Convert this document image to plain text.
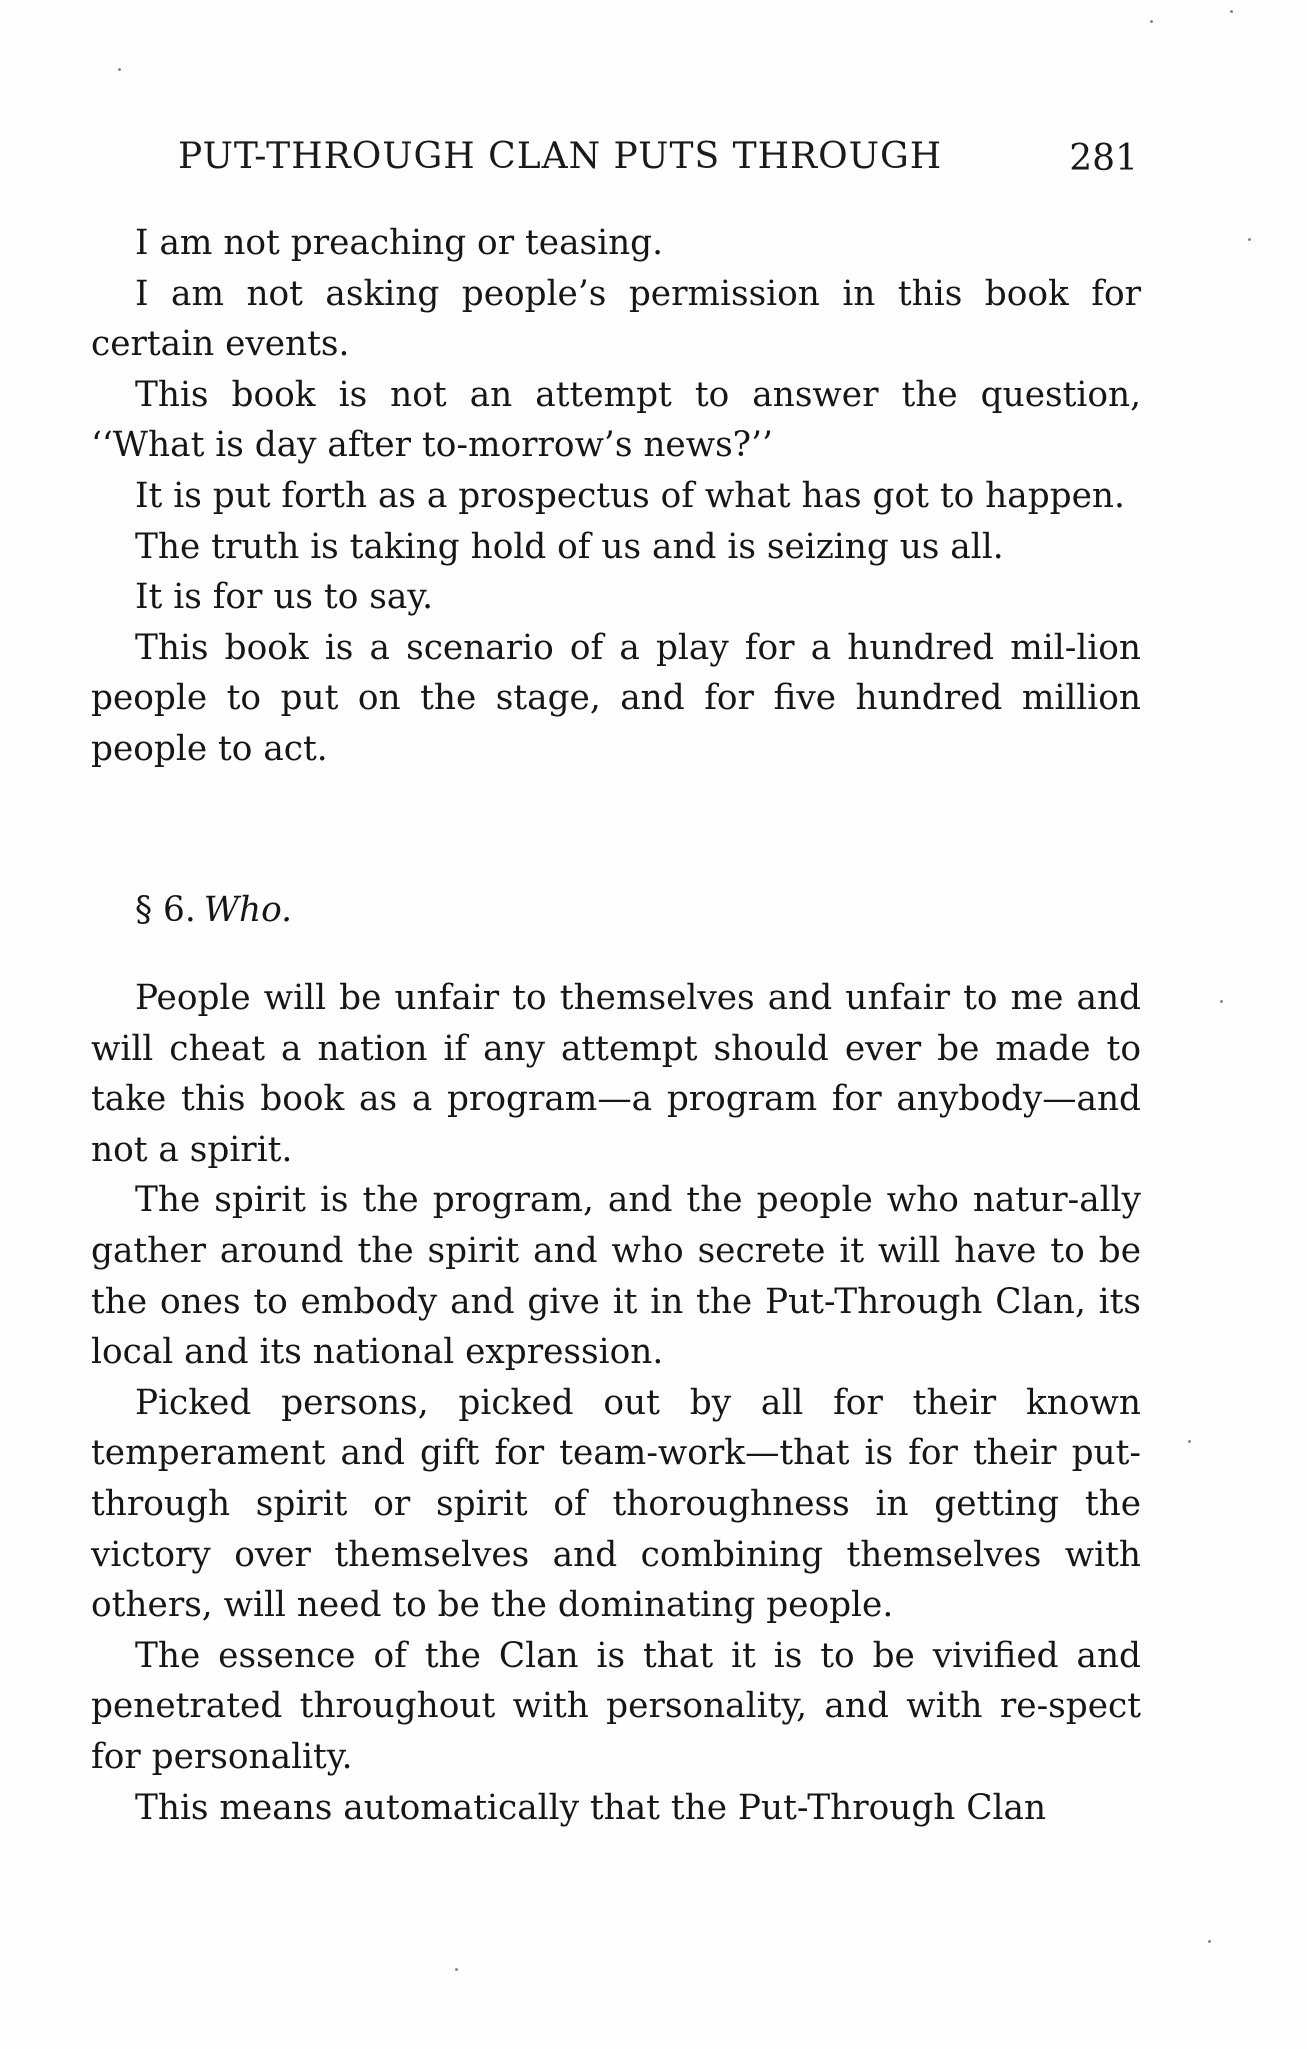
PUT-THROUGH CLAN PUTS THROUGH	281

I am not preaching or teasing.

I am not asking people’s permission in this book for certain events.

This book is not an attempt to answer the question, ‘‘What is day after to-morrow’s news?’’

It is put forth as a prospectus of what has got to happen.

The truth is taking hold of us and is seizing us all.

It is for us to say.

This book is a scenario of a play for a hundred mil-lion people to put on the stage, and for five hundred million people to act.

§ 6. Who.

People will be unfair to themselves and unfair to me and will cheat a nation if any attempt should ever be made to take this book as a program—a program for anybody—and not a spirit.

The spirit is the program, and the people who natur-ally gather around the spirit and who secrete it will have to be the ones to embody and give it in the Put-Through Clan, its local and its national expression.

Picked persons, picked out by all for their known temperament and gift for team-work—that is for their put-through spirit or spirit of thoroughness in getting the victory over themselves and combining themselves with others, will need to be the dominating people.

The essence of the Clan is that it is to be vivified and penetrated throughout with personality, and with re-spect for personality.

This means automatically that the Put-Through Clan
